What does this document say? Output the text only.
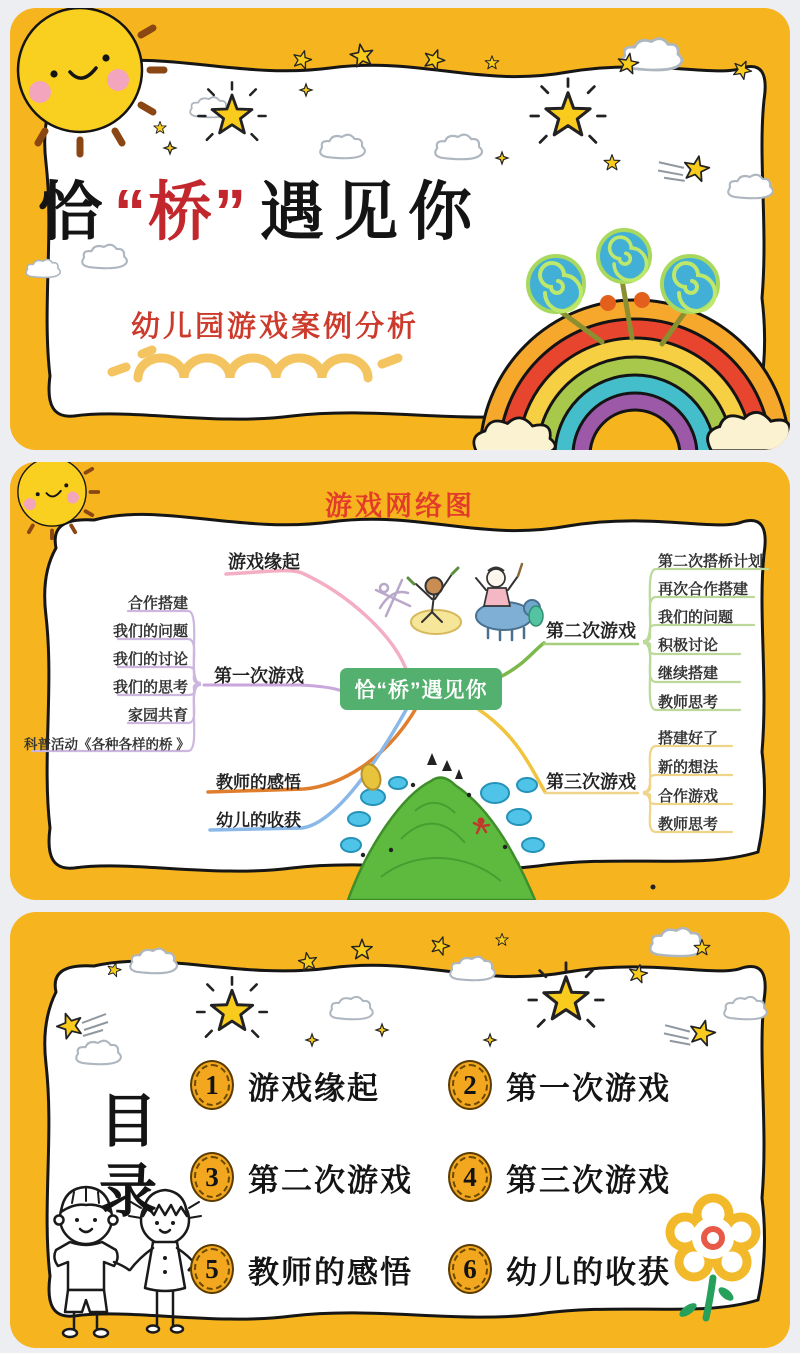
恰 “桥” 遇见你
幼儿园游戏案例分析
游戏网络图
恰“桥”遇见你
游戏缘起
第一次游戏
第二次游戏
第三次游戏
教师的感悟
幼儿的收获
合作搭建
我们的问题
我们的讨论
我们的思考
家园共育
科普活动《各种各样的桥 》
第二次搭桥计划
再次合作搭建
我们的问题
积极讨论
继续搭建
教师思考
搭建好了
新的想法
合作游戏
教师思考
目录
1 游戏缘起	2 第一次游戏
3 第二次游戏 4 第三次游戏
5 教师的感悟 6 幼儿的收获
